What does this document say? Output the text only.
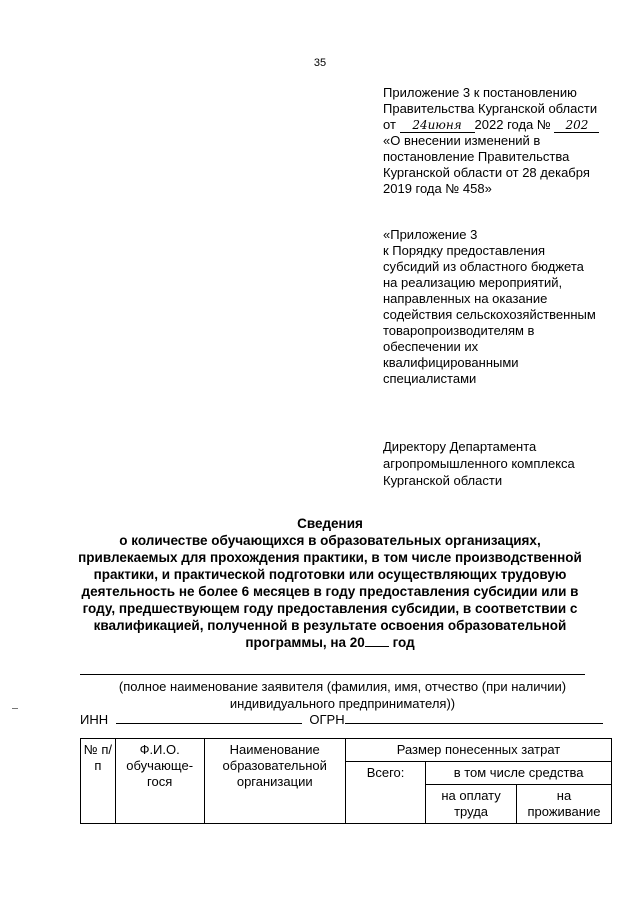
35
Приложение 3 к постановлению
Правительства Курганской области
от 24июня 2022 года № 202
«О внесении изменений в
постановление Правительства
Курганской области от 28 декабря
2019 года № 458»
«Приложение 3
к Порядку предоставления
субсидий из областного бюджета
на реализацию мероприятий,
направленных на оказание
содействия сельскохозяйственным
товаропроизводителям в
обеспечении их
квалифицированными
специалистами
Директору Департамента
агропромышленного комплекса
Курганской области
Сведения
о количестве обучающихся в образовательных организациях,
привлекаемых для прохождения практики, в том числе производственной
практики, и практической подготовки или осуществляющих трудовую
деятельность не более 6 месяцев в году предоставления субсидии или в
году, предшествующем году предоставления субсидии, в соответствии с
квалификацией, полученной в результате освоения образовательной
программы, на 20 год
(полное наименование заявителя (фамилия, имя, отчество (при наличии)
индивидуального предпринимателя))
ИНН	ОГРН
№ п/п	Ф.И.О. обучающе-гося	Наименование образовательной организации	Размер понесенных затрат		
			Всего:	в том числе средства	
				на оплату труда	на проживание
